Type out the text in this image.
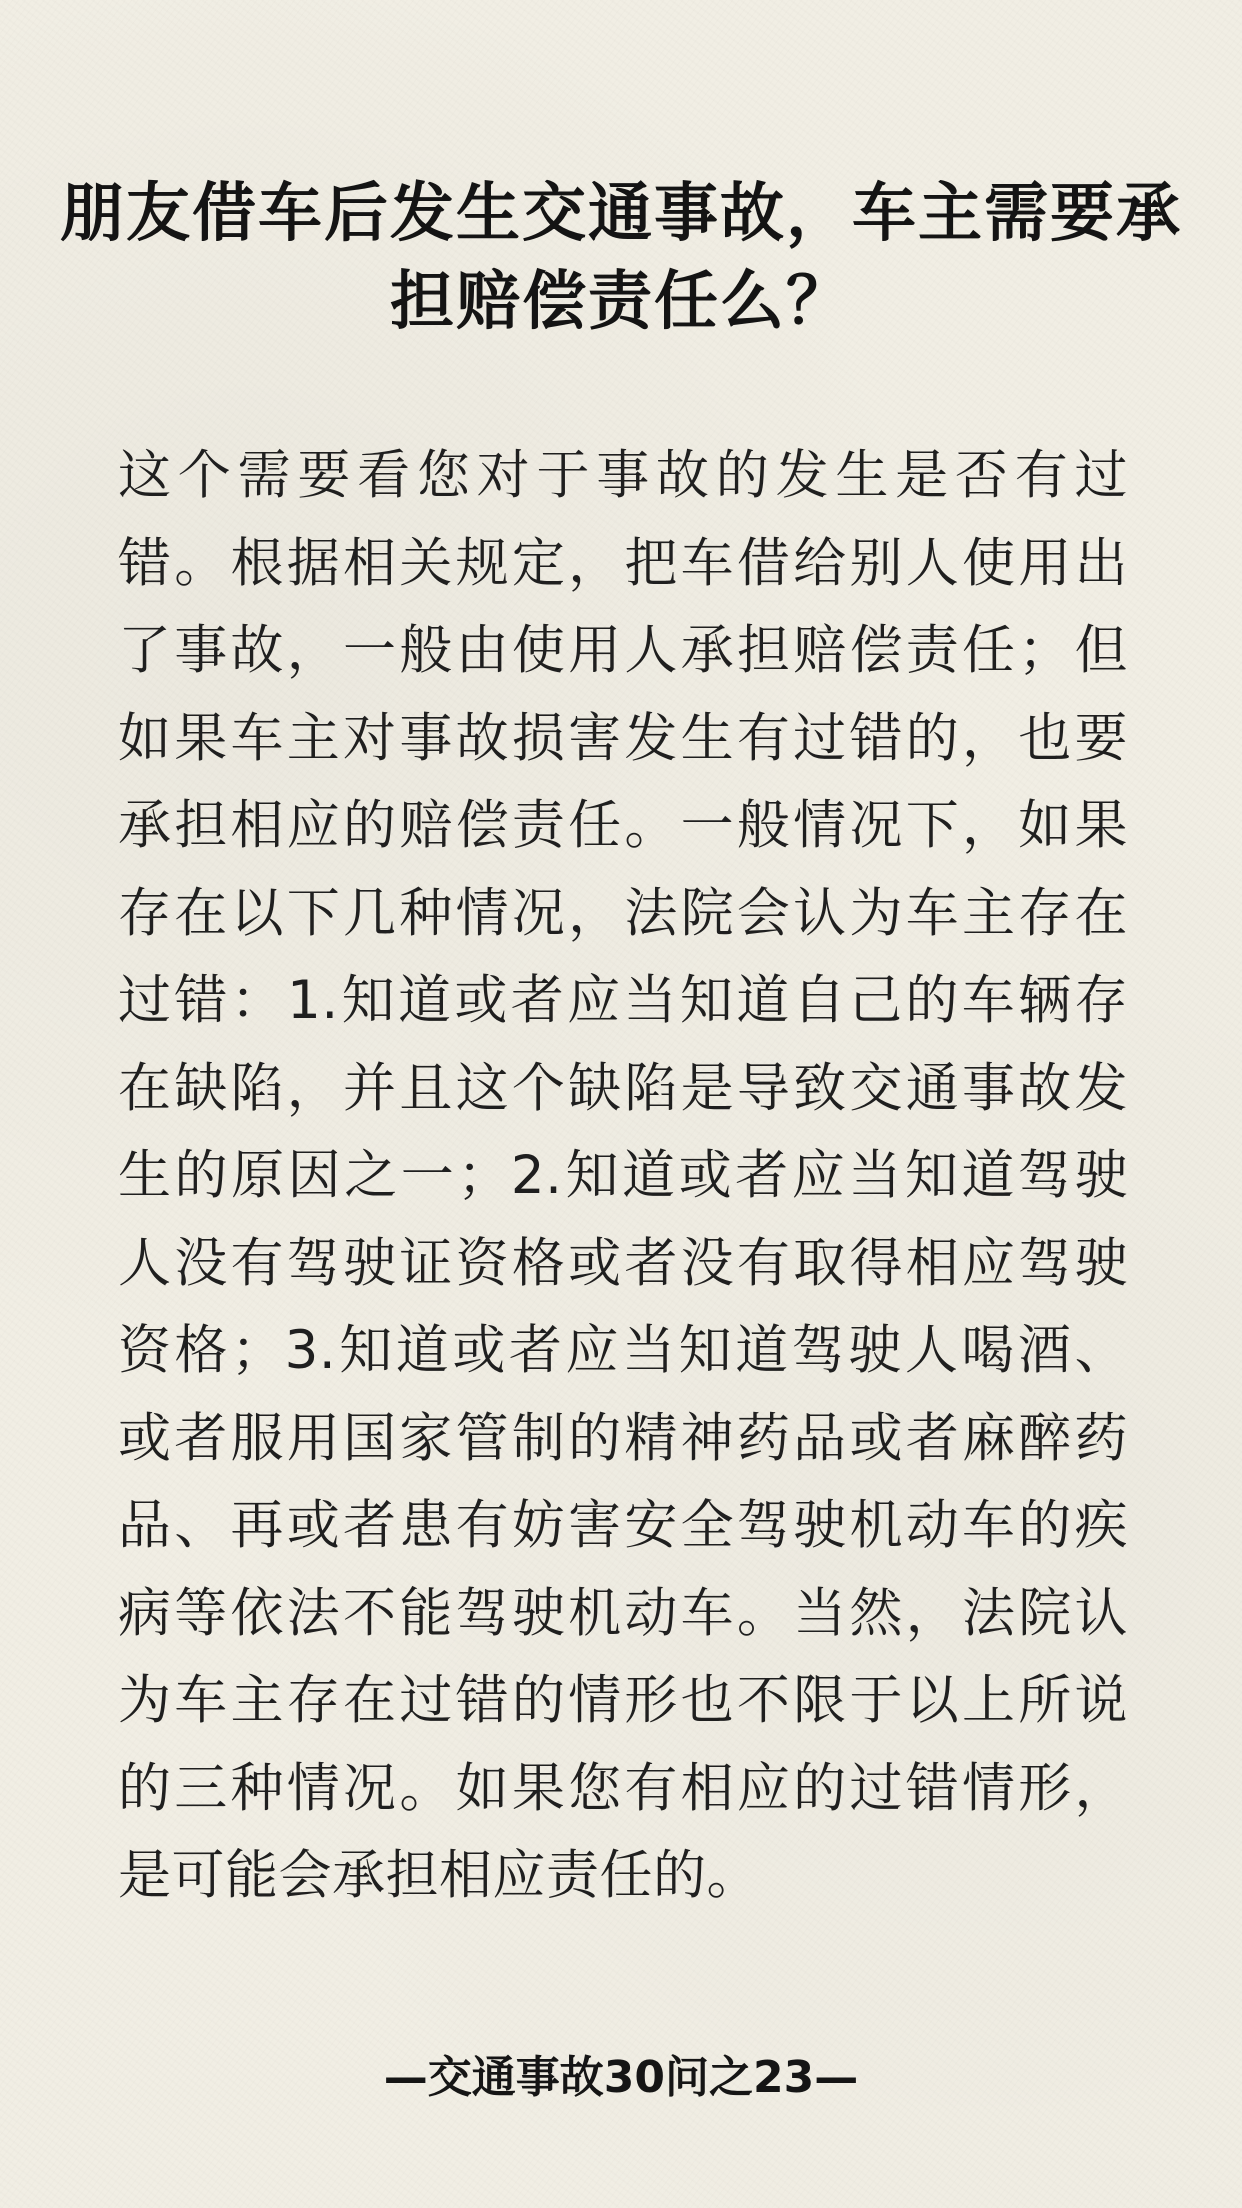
朋友借车后发生交通事故，车主需要承担赔偿责任么？

这个需要看您对于事故的发生是否有过错。根据相关规定，把车借给别人使用出了事故，一般由使用人承担赔偿责任；但如果车主对事故损害发生有过错的，也要承担相应的赔偿责任。一般情况下，如果存在以下几种情况，法院会认为车主存在过错：1.知道或者应当知道自己的车辆存在缺陷，并且这个缺陷是导致交通事故发生的原因之一；2.知道或者应当知道驾驶人没有驾驶证资格或者没有取得相应驾驶资格；3.知道或者应当知道驾驶人喝酒、或者服用国家管制的精神药品或者麻醉药品、再或者患有妨害安全驾驶机动车的疾病等依法不能驾驶机动车。当然，法院认为车主存在过错的情形也不限于以上所说的三种情况。如果您有相应的过错情形，是可能会承担相应责任的。

—交通事故30问之23—
